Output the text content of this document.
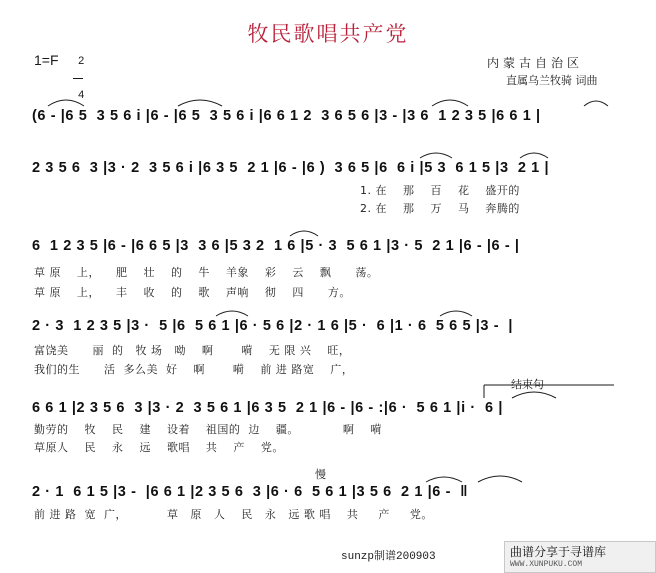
牧民歌唱共产党
1=F	2

4

内蒙古自治区
直属乌兰牧骑 词曲
(6 - |6 5  3 5 6 i |6 - |6 5  3 5 6 i |6 6 1 2  3 6 5 6 |3 - |3 6  1 2 3 5 |6 6 1 |
2 3 5 6  3 |3 · 2  3 5 6 i |6 3 5  2 1 |6 - |6 )  3 6 5 |6  6 i |5 3  6 1 5 |3  2 1 |
1. 在    那    百    花    盛开的
2. 在    那    万    马    奔腾的
6  1 2 3 5 |6 - |6 6 5 |3  3 6 |5 3 2  1 6 |5 · 3  5 6 1 |3 · 5  2 1 |6 - |6 - |
草 原    上，    肥    壮    的    牛    羊象    彩    云    飘      荡。
草 原    上，    丰    收    的    歌    声响    彻    四      方。
2 · 3  1 2 3 5 |3 ·  5 |6  5 6 1 |6 · 5 6 |2 · 1 6 |5 ·  6 |1 · 6  5 6 5 |3 -  |
富饶美      丽  的   牧 场   呦    啊       嗬    无 限 兴    旺，
我们的生      活  多么美  好    啊       嗬    前 进 路宽    广，
结束句
6 6 1 |2 3 5 6  3 |3 · 2  3 5 6 1 |6 3 5  2 1 |6 - |6 - :|6 ·  5 6 1 |i ·  6 |
勤劳的    牧    民    建    设着    祖国的  边    疆。           啊    嗬
草原人    民    永    远    歌唱    共    产    党。
慢
2 · 1  6 1 5 |3 -  |6 6 1 |2 3 5 6  3 |6 · 6  5 6 1 |3 5 6  2 1 |6 -  ‖
前 进 路  宽  广，          草   原   人    民   永   远 歌 唱    共     产     党。
sunzp制谱200903	曲谱分享于寻谱库
WWW.XUNPUKU.COM
